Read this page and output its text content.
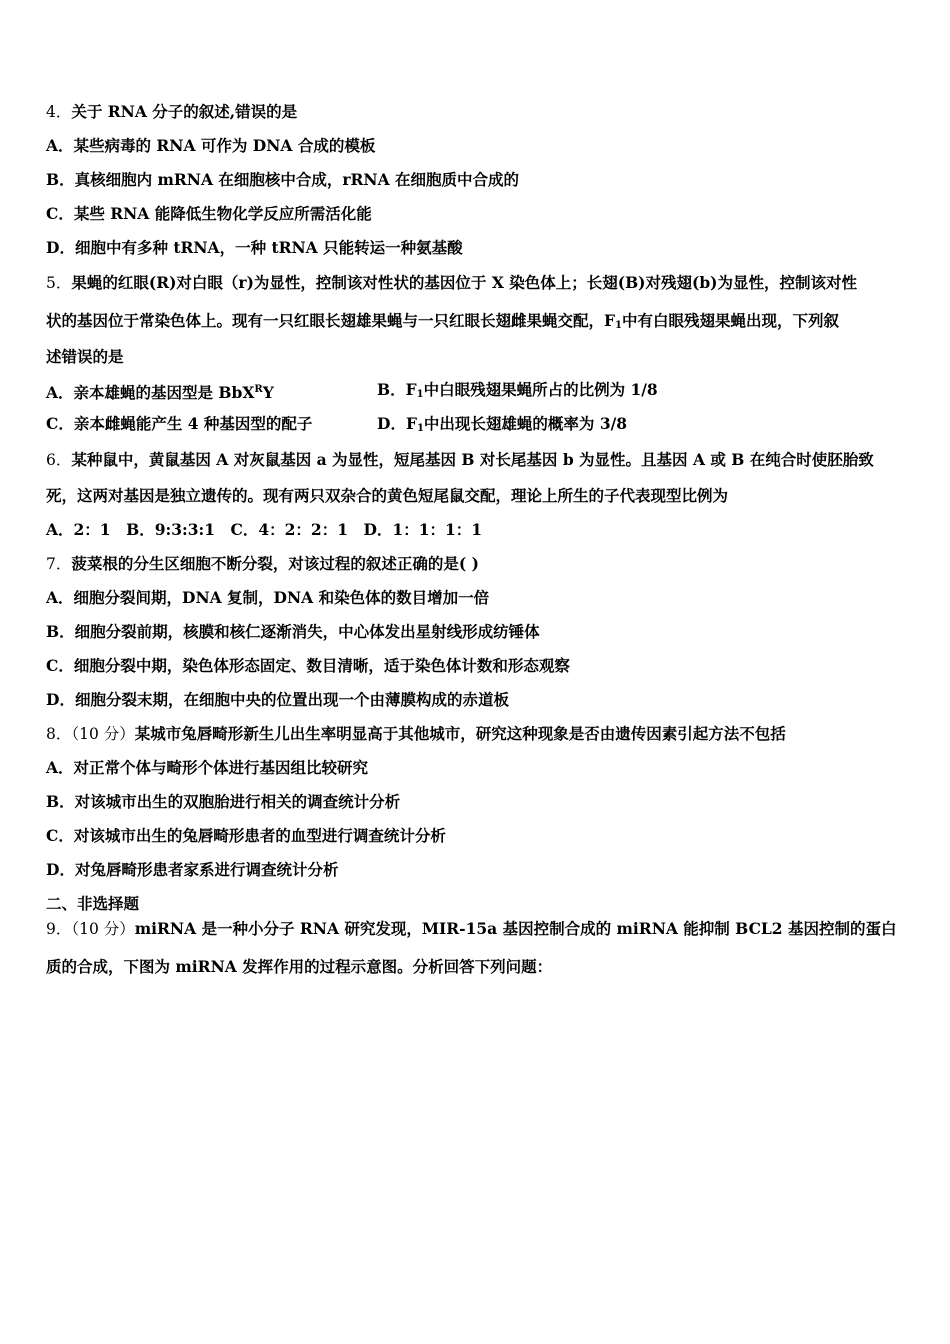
4．关于 RNA 分子的叙述,错误的是
A．某些病毒的 RNA 可作为 DNA 合成的模板
B．真核细胞内 mRNA 在细胞核中合成，rRNA 在细胞质中合成的
C．某些 RNA 能降低生物化学反应所需活化能
D．细胞中有多种 tRNA，一种 tRNA 只能转运一种氨基酸
5．果蝇的红眼(R)对白眼（r)为显性，控制该对性状的基因位于 X 染色体上；长翅(B)对残翅(b)为显性，控制该对性
状的基因位于常染色体上。现有一只红眼长翅雄果蝇与一只红眼长翅雌果蝇交配，$F_1$中有白眼残翅果蝇出现，下列叙
述错误的是
A．亲本雄蝇的基因型是 BbX$^R$Y	B．$F_1$中白眼残翅果蝇所占的比例为 1/8
C．亲本雌蝇能产生 4 种基因型的配子	D．$F_1$中出现长翅雄蝇的概率为 3/8
6．某种鼠中，黄鼠基因 A 对灰鼠基因 a 为显性，短尾基因 B 对长尾基因 b 为显性。且基因 A 或 B 在纯合时使胚胎致
死，这两对基因是独立遗传的。现有两只双杂合的黄色短尾鼠交配，理论上所生的子代表现型比例为
A．2：1　B．9:3:3:1　C．4：2：2：1　D．1：1：1：1
7．菠菜根的分生区细胞不断分裂，对该过程的叙述正确的是( )
A．细胞分裂间期，DNA 复制，DNA 和染色体的数目增加一倍
B．细胞分裂前期，核膜和核仁逐渐消失，中心体发出星射线形成纺锤体
C．细胞分裂中期，染色体形态固定、数目清晰，适于染色体计数和形态观察
D．细胞分裂末期，在细胞中央的位置出现一个由薄膜构成的赤道板
8．（10 分）某城市兔唇畸形新生儿出生率明显高于其他城市，研究这种现象是否由遗传因素引起方法不包括
A．对正常个体与畸形个体进行基因组比较研究
B．对该城市出生的双胞胎进行相关的调查统计分析
C．对该城市出生的兔唇畸形患者的血型进行调查统计分析
D．对兔唇畸形患者家系进行调查统计分析
二、非选择题
9．（10 分）miRNA 是一种小分子 RNA 研究发现，MIR-15a 基因控制合成的 miRNA 能抑制 BCL2 基因控制的蛋白
质的合成，下图为 miRNA 发挥作用的过程示意图。分析回答下列问题：
